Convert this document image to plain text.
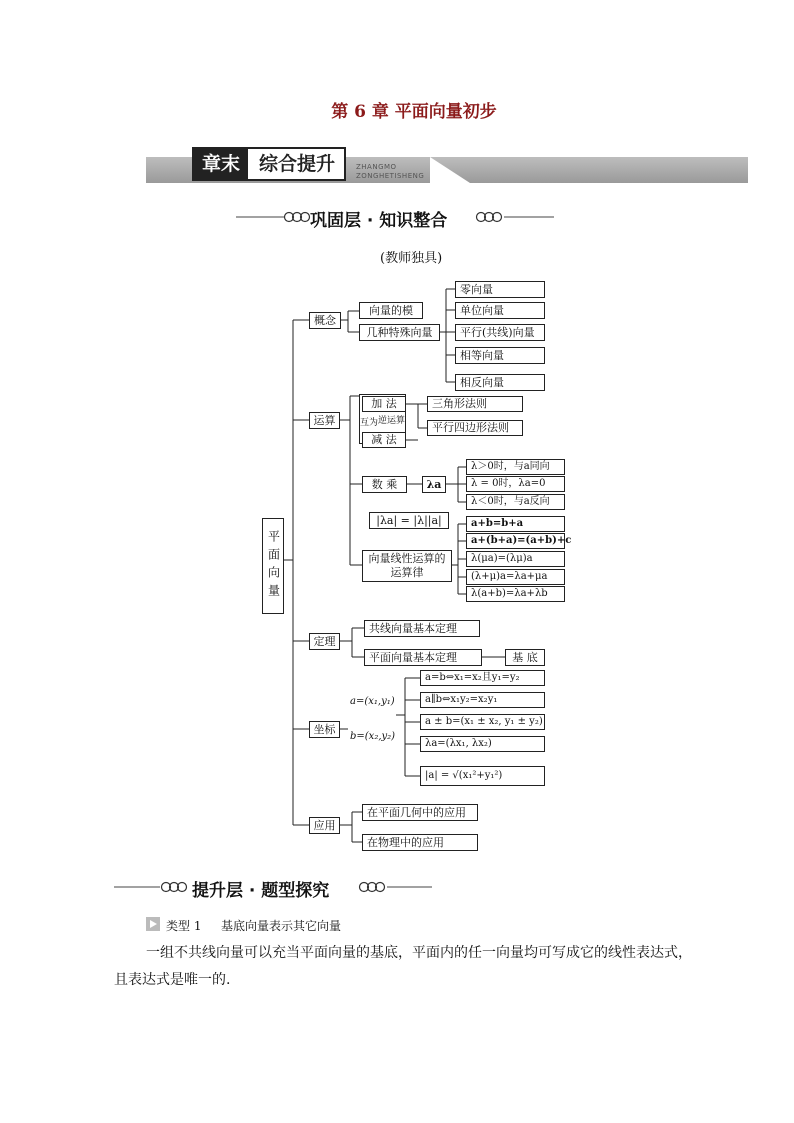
第 6 章 平面向量初步
章末 综合提升	ZHANGMO
ZONGHETISHENG
巩固层 · 知识整合
(教师独具)
平面向量
概念
向量的模
几种特殊向量
零向量
单位向量
平行(共线)向量
相等向量
相反向量
运算
加 法
减 法
互为 逆运算
三角形法则
平行四边形法则
数 乘	λa
λ＞0时，与a同向
λ = 0时，λa=0
λ＜0时，与a反向
|λa| = |λ||a|
向量线性运算的运算律
a+b=b+a
a+(b+a)=(a+b)+c
λ(μa)=(λμ)a
(λ+μ)a=λa+μa
λ(a+b)=λa+λb
定理
共线向量基本定理
平面向量基本定理	基 底
坐标
a=(x₁,y₁)
b=(x₂,y₂)
a=b⇔x₁=x₂且y₁=y₂
a∥b⇔x₁y₂=x₂y₁
a ± b=(x₁ ± x₂, y₁ ± y₂)
λa=(λx₁, λx₂)
|a| = √(x₁²+y₁²)
应用
在平面几何中的应用
在物理中的应用
提升层 · 题型探究
类型 1 基底向量表示其它向量
一组不共线向量可以充当平面向量的基底，平面内的任一向量均可写成它的线性表达式，
且表达式是唯一的.
